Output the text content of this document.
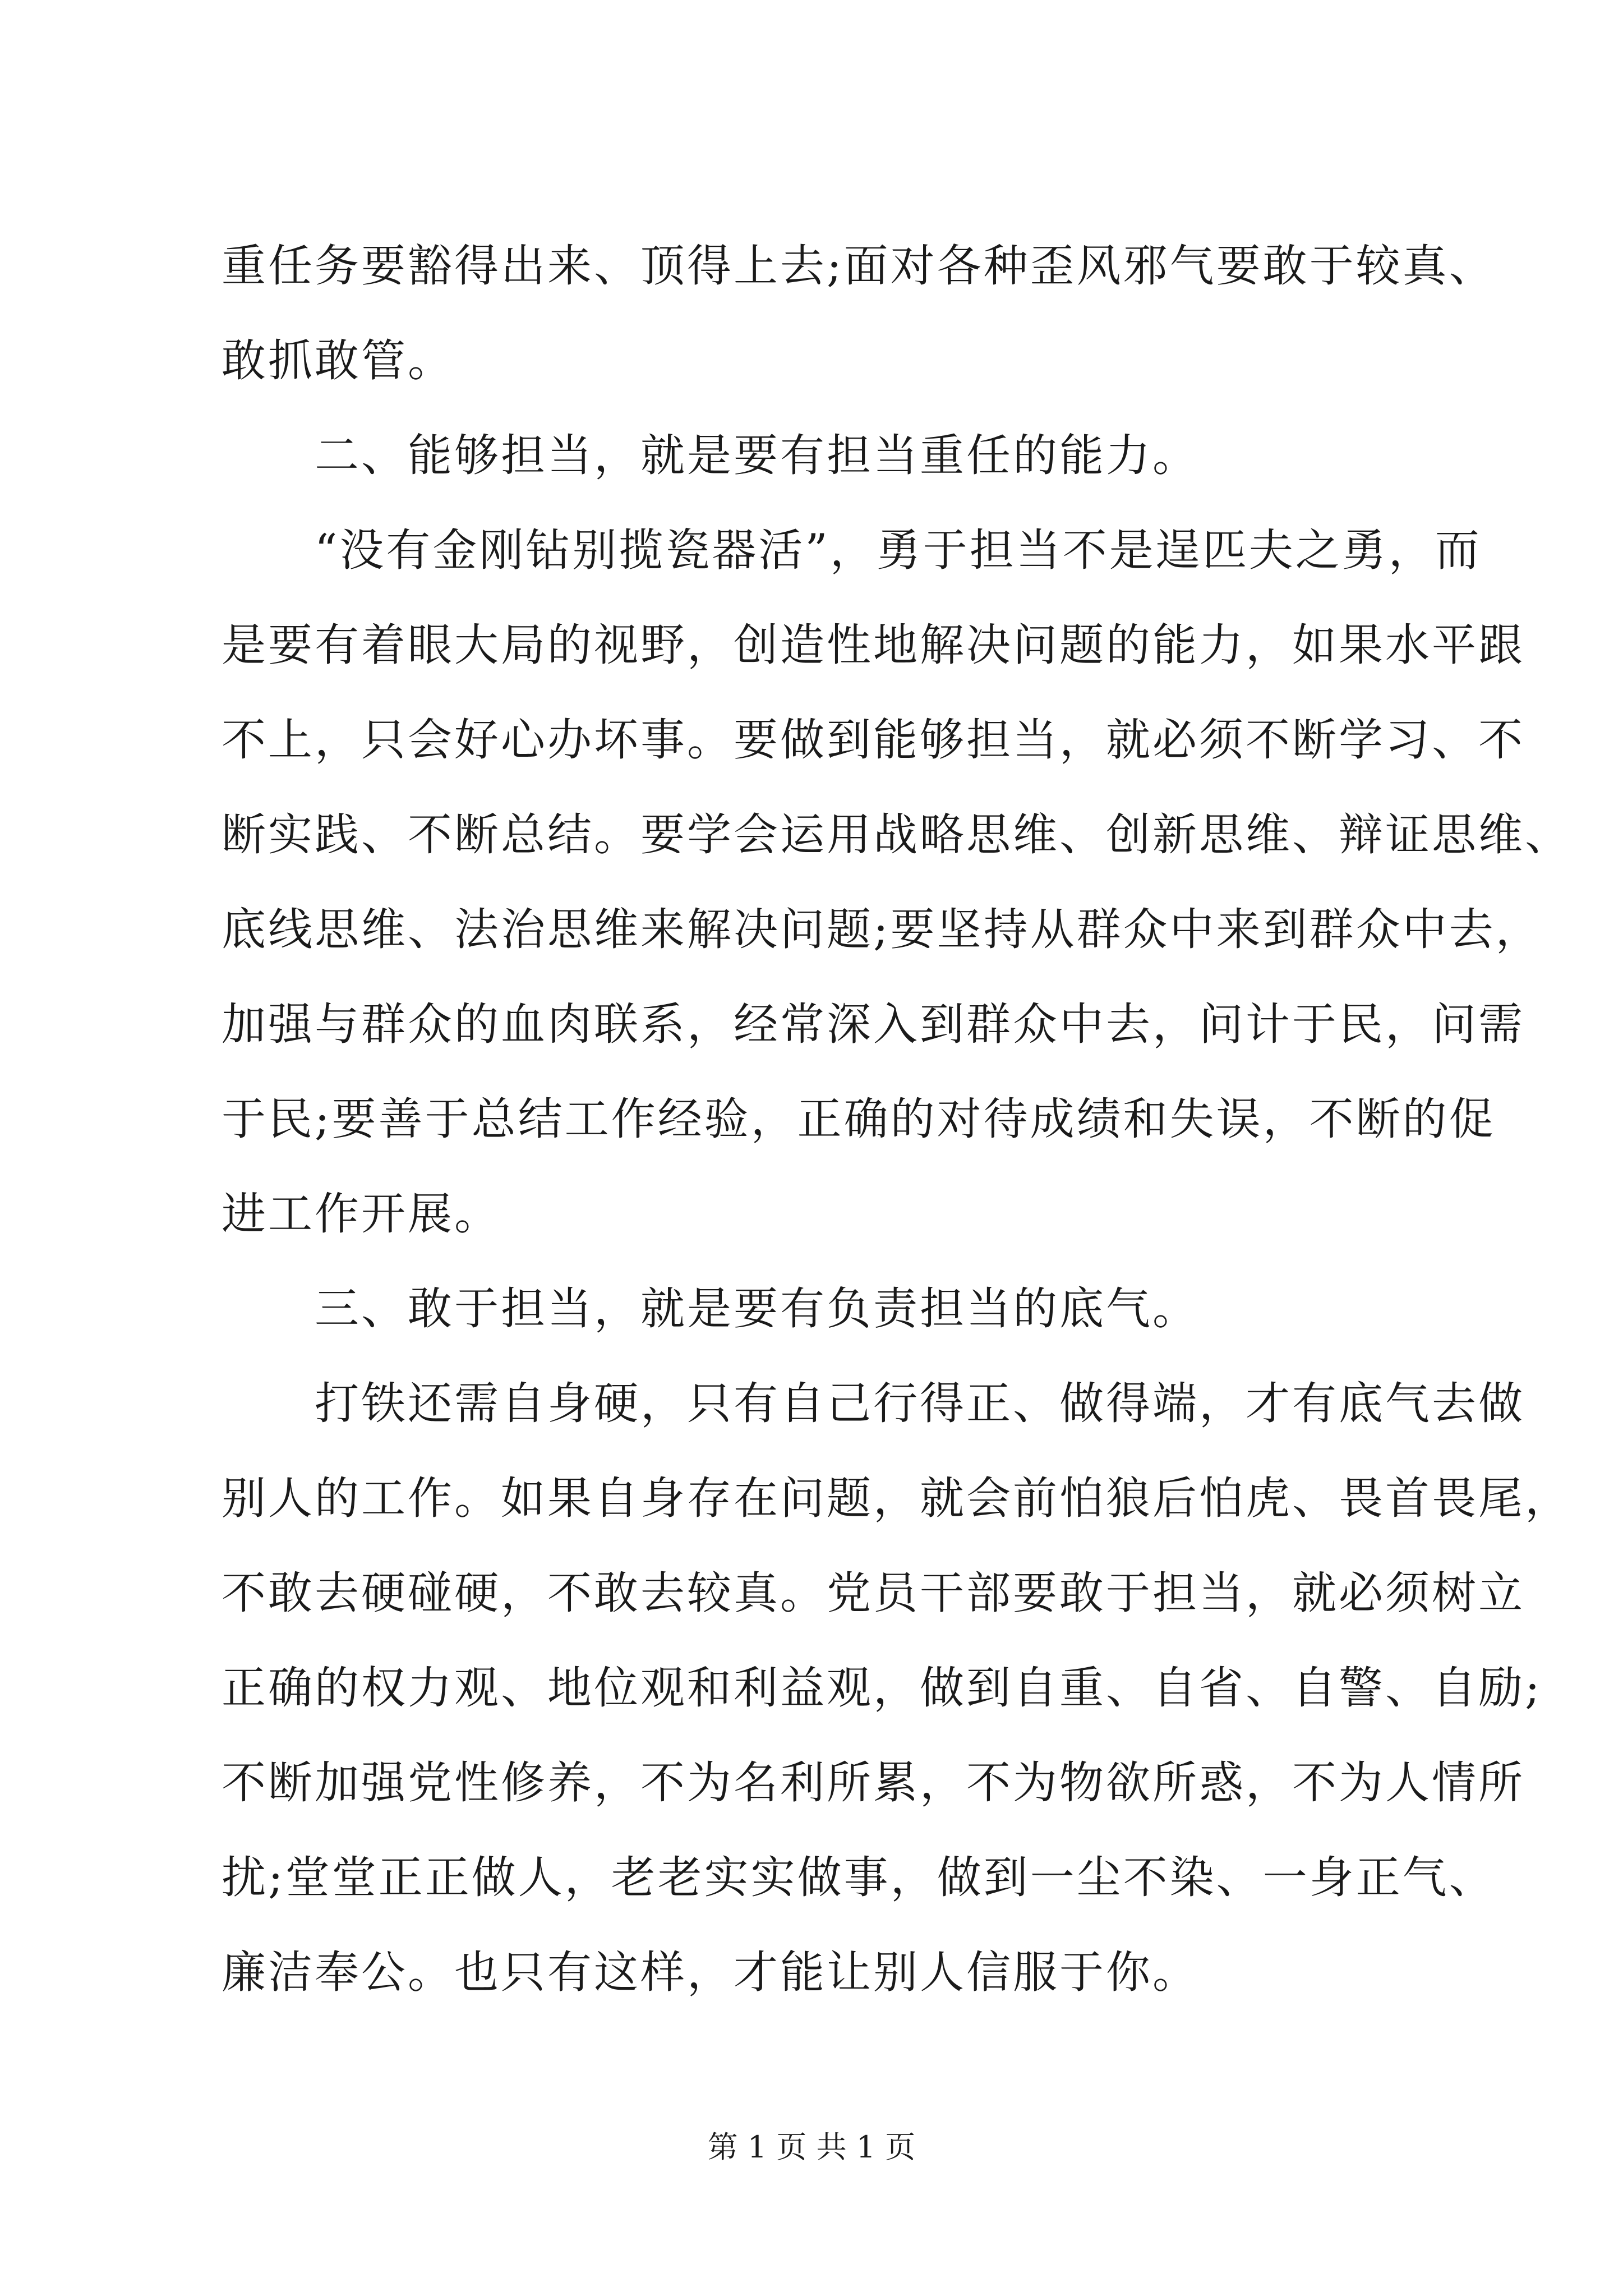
重任务要豁得出来、顶得上去;面对各种歪风邪气要敢于较真、
敢抓敢管。
　　二、能够担当，就是要有担当重任的能力。
　　“没有金刚钻别揽瓷器活”，勇于担当不是逞匹夫之勇，而
是要有着眼大局的视野，创造性地解决问题的能力，如果水平跟
不上，只会好心办坏事。要做到能够担当，就必须不断学习、不
断实践、不断总结。要学会运用战略思维、创新思维、辩证思维、
底线思维、法治思维来解决问题;要坚持从群众中来到群众中去，
加强与群众的血肉联系，经常深入到群众中去，问计于民，问需
于民;要善于总结工作经验，正确的对待成绩和失误，不断的促
进工作开展。
　　三、敢于担当，就是要有负责担当的底气。
　　打铁还需自身硬，只有自己行得正、做得端，才有底气去做
别人的工作。如果自身存在问题，就会前怕狼后怕虎、畏首畏尾，
不敢去硬碰硬，不敢去较真。党员干部要敢于担当，就必须树立
正确的权力观、地位观和利益观，做到自重、自省、自警、自励;
不断加强党性修养，不为名利所累，不为物欲所惑，不为人情所
扰;堂堂正正做人，老老实实做事，做到一尘不染、一身正气、
廉洁奉公。也只有这样，才能让别人信服于你。
第 1 页 共 1 页
